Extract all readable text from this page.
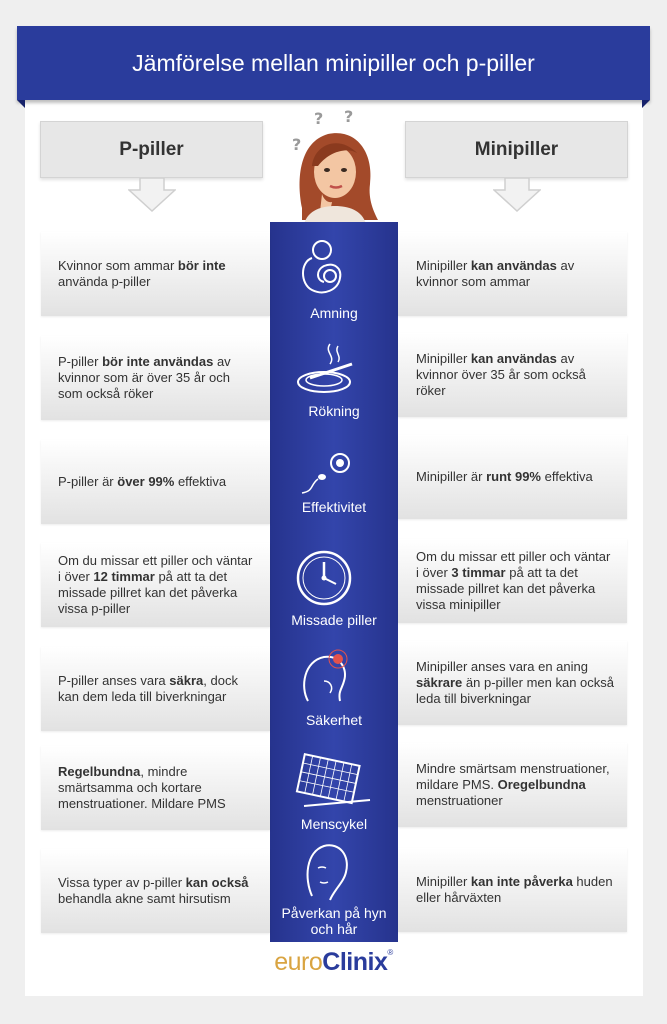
Jämförelse mellan minipiller och p-piller
P-piller	Minipiller
? ?
?
Kvinnor som ammar bör inte använda p-piller
Minipiller kan användas av kvinnor som ammar
P-piller bör inte användas av kvinnor som är över 35 år och som också röker
Minipiller kan användas av kvinnor över 35 år som också röker
P-piller är över 99% effektiva	Minipiller är runt 99% effektiva
Om du missar ett piller och väntar i över 12 timmar på att ta det missade pillret kan det påverka vissa p-piller
Om du missar ett piller och väntar i över 3 timmar på att ta det missade pillret kan det påverka vissa minipiller
P-piller anses vara säkra, dock kan dem leda till biverkningar
Minipiller anses vara en aning säkrare än p-piller men kan också leda till biverkningar
Regelbundna, mindre smärtsamma och kortare menstruationer. Mildare PMS
Mindre smärtsam menstruationer, mildare PMS. Oregelbundna menstruationer
Vissa typer av p-piller kan också behandla akne samt hirsutism
Minipiller kan inte påverka huden eller hårväxten
euroClinix®
Amning
Rökning
Effektivitet
Missade piller
Säkerhet
Menscykel
Påverkan på hyn och hår
